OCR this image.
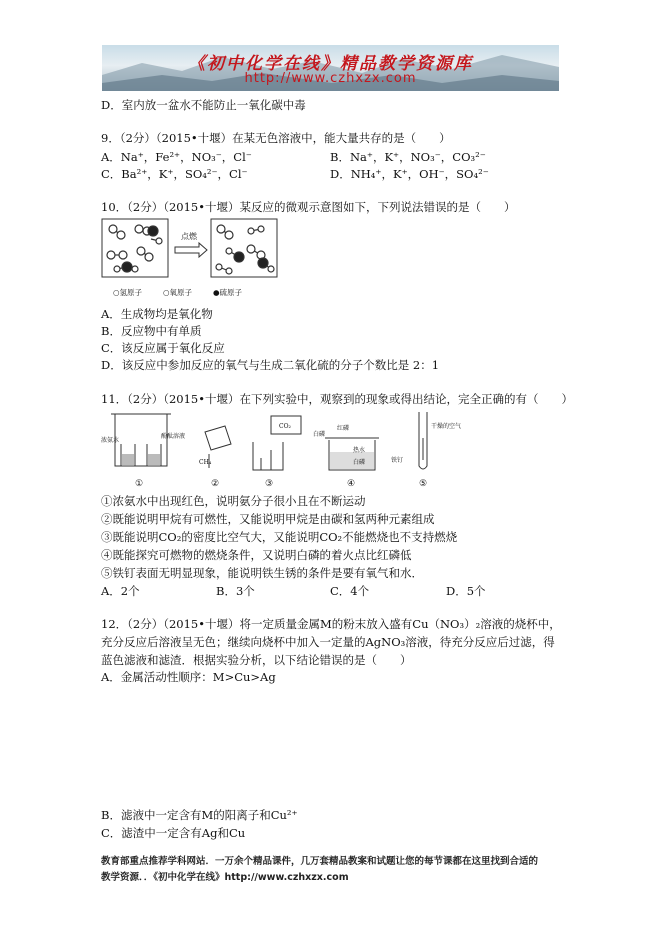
《初中化学在线》精品教学资源库
http://www.czhxzx.com
D．室内放一盆水不能防止一氧化碳中毒
9．（2分）（2015•十堰）在某无色溶液中，能大量共存的是（　　）
A．Na⁺，Fe²⁺，NO₃⁻，Cl⁻	B．Na⁺，K⁺，NO₃⁻，CO₃²⁻
C．Ba²⁺，K⁺，SO₄²⁻，Cl⁻	D．NH₄⁺，K⁺，OH⁻，SO₄²⁻
10．（2分）（2015•十堰）某反应的微观示意图如下，下列说法错误的是（　　）
点燃
○氢原子	○氧原子	●硫原子
A．生成物均是氧化物
B．反应物中有单质
C．该反应属于氧化反应
D．该反应中参加反应的氧气与生成二氧化硫的分子个数比是 2：1
11．（2分）（2015•十堰）在下列实验中，观察到的现象或得出结论，完全正确的有（　　）
浓氨水
酚酞溶液
CH₄
CO₂	红磷
白磷
热水
白磷	铁钉
干燥的空气
①	②	③	④	⑤
①浓氨水中出现红色，说明氨分子很小且在不断运动
②既能说明甲烷有可燃性，又能说明甲烷是由碳和氢两种元素组成
③既能说明CO₂的密度比空气大，又能说明CO₂不能燃烧也不支持燃烧
④既能探究可燃物的燃烧条件，又说明白磷的着火点比红磷低
⑤铁钉表面无明显现象，能说明铁生锈的条件是要有氧气和水．
A．2个	B．3个	C．4个	D．5个
12．（2分）（2015•十堰）将一定质量金属M的粉末放入盛有Cu（NO₃）₂溶液的烧杯中，
充分反应后溶液呈无色；继续向烧杯中加入一定量的AgNO₃溶液，待充分反应后过滤，得
蓝色滤液和滤渣．根据实验分析，以下结论错误的是（　　）
A．金属活动性顺序：M>Cu>Ag
B．滤液中一定含有M的阳离子和Cu²⁺
C．滤渣中一定含有Ag和Cu
教育部重点推荐学科网站．一万余个精品课件，几万套精品教案和试题让您的每节课都在这里找到合适的
教学资源．．《初中化学在线》http://www.czhxzx.com
